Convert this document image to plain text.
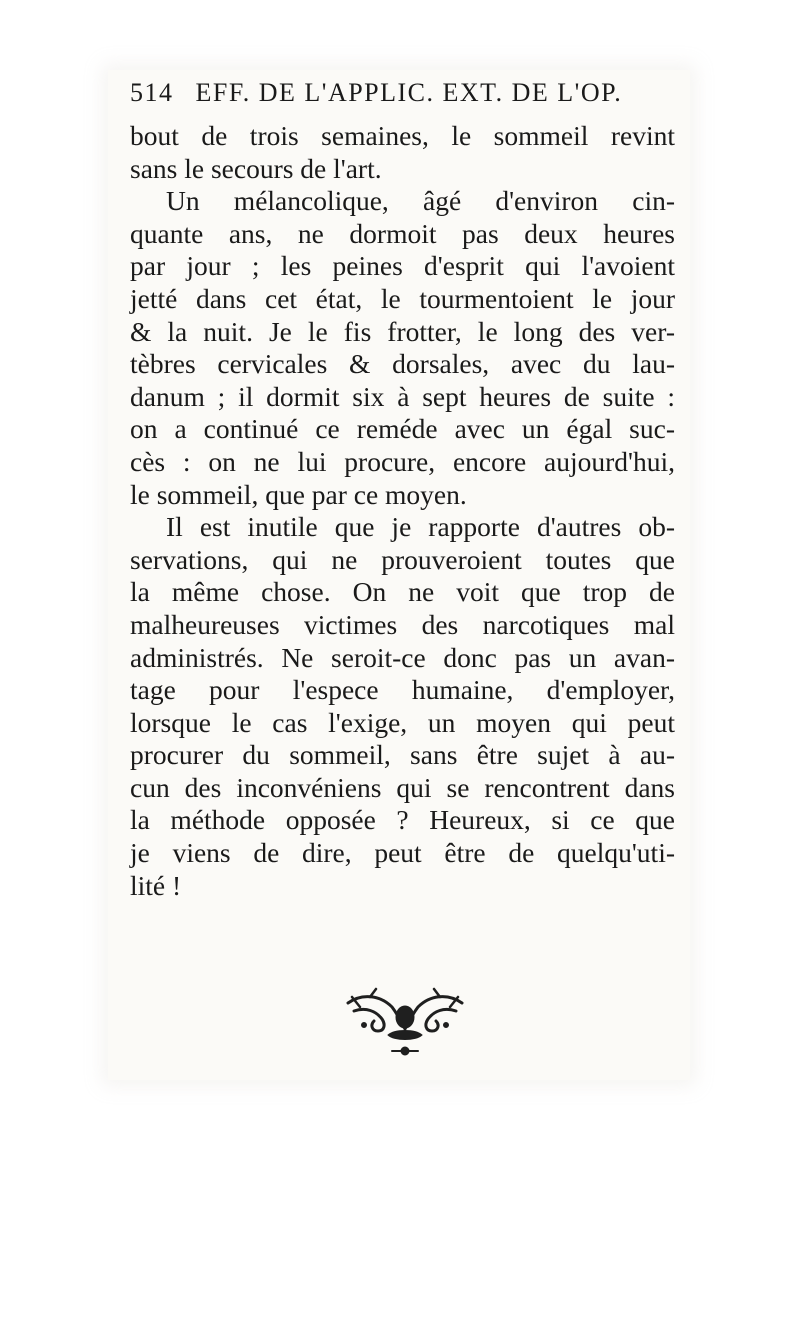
514 EFF. DE L'APPLIC. EXT. DE L'OP.
bout de trois semaines, le sommeil revint
sans le secours de l'art.
Un mélancolique, âgé d'environ cin-
quante ans, ne dormoit pas deux heures
par jour ; les peines d'esprit qui l'avoient
jetté dans cet état, le tourmentoient le jour
& la nuit. Je le fis frotter, le long des ver-
tèbres cervicales & dorsales, avec du lau-
danum ; il dormit six à sept heures de suite :
on a continué ce reméde avec un égal suc-
cès : on ne lui procure, encore aujourd'hui,
le sommeil, que par ce moyen.
Il est inutile que je rapporte d'autres ob-
servations, qui ne prouveroient toutes que
la même chose. On ne voit que trop de
malheureuses victimes des narcotiques mal
administrés. Ne seroit-ce donc pas un avan-
tage pour l'espece humaine, d'employer,
lorsque le cas l'exige, un moyen qui peut
procurer du sommeil, sans être sujet à au-
cun des inconvéniens qui se rencontrent dans
la méthode opposée ? Heureux, si ce que
je viens de dire, peut être de quelqu'uti-
lité !
